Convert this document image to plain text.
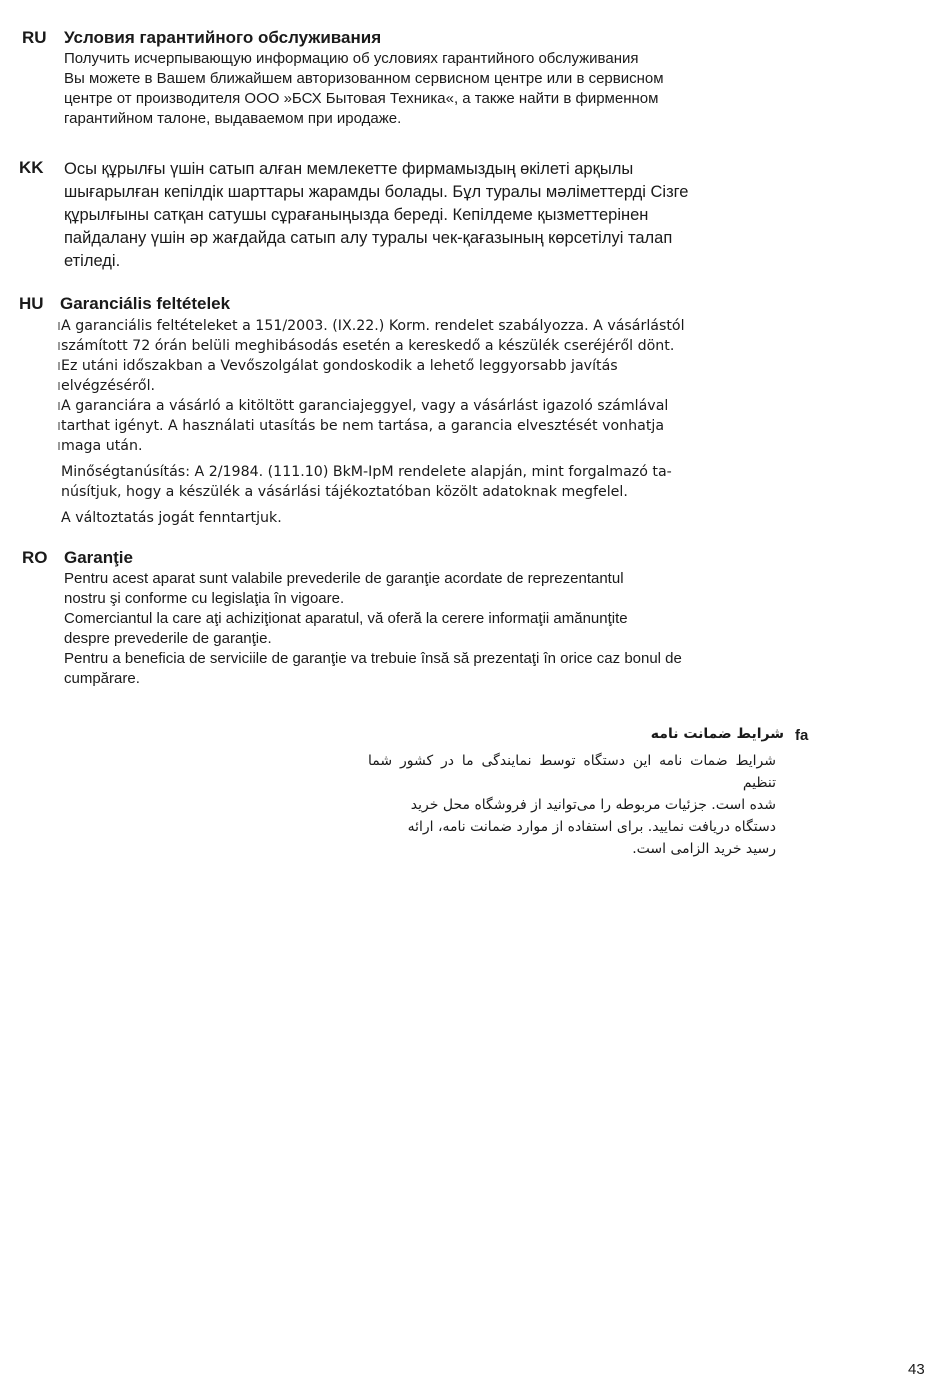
RU Условия гарантийного обслуживания

Получить исчерпывающую информацию об условиях гарантийного обслуживания

Вы можете в Вашем ближайшем авторизованном сервисном центре или в сервисном

центре от производителя ООО »БСХ Бытовая Техника«, а также найти в фирменном

гарантийном талоне, выдаваемом при иродаже.

KK Осы құрылғы үшін сатып алған мемлекетте фирмамыздың өкілеті арқылы

шығарылған кепілдік шарттары жарамды болады. Бұл туралы мәліметтерді Сізге

құрылғыны сатқан сатушы сұрағаныңызда береді. Кепілдеме қызметтерінен

пайдалану үшін әр жағдайда сатып алу туралы чек-қағазының көрсетілуі талап

етіледі.

HU Garanciális feltételek

A garanciális feltételeket a 151/2003. (IX.22.) Korm. rendelet szabályozza. A vásárlástól

számított 72 órán belüli meghibásodás esetén a kereskedő a készülék cseréjéről dönt.

Ez utáni időszakban a Vevőszolgálat gondoskodik a lehető leggyorsabb javítás

elvégzéséről.

A garanciára a vásárló a kitöltött garanciajeggyel, vagy a vásárlást igazoló számlával

tarthat igényt. A használati utasítás be nem tartása, a garancia elvesztését vonhatja

maga után.

Minőségtanúsítás: A 2/1984. (111.10) BkM-IpM rendelete alapján, mint forgalmazó ta-

núsítjuk, hogy a készülék a vásárlási tájékoztatóban közölt adatoknak megfelel.

A változtatás jogát fenntartjuk.

RO Garanţie

Pentru acest aparat sunt valabile prevederile de garanţie acordate de reprezentantul

nostru şi conforme cu legislaţia în vigoare.

Comerciantul la care aţi achiziţionat aparatul, vă oferă la cerere informaţii amănunţite

despre prevederile de garanţie.

Pentru a beneficia de serviciile de garanţie va trebuie însă să prezentaţi în orice caz bonul de

cumpărare.

fa
شرایط ضمانت نامه

شرایط ضمات نامه این دستگاه توسط نمایندگی ما در کشور شما تنظیم

شده است. جزئیات مربوطه را می‌توانید از فروشگاه محل خرید

دستگاه دریافت نمایید. برای استفاده از موارد ضمانت نامه، ارائه

رسید خرید الزامی است.

43
